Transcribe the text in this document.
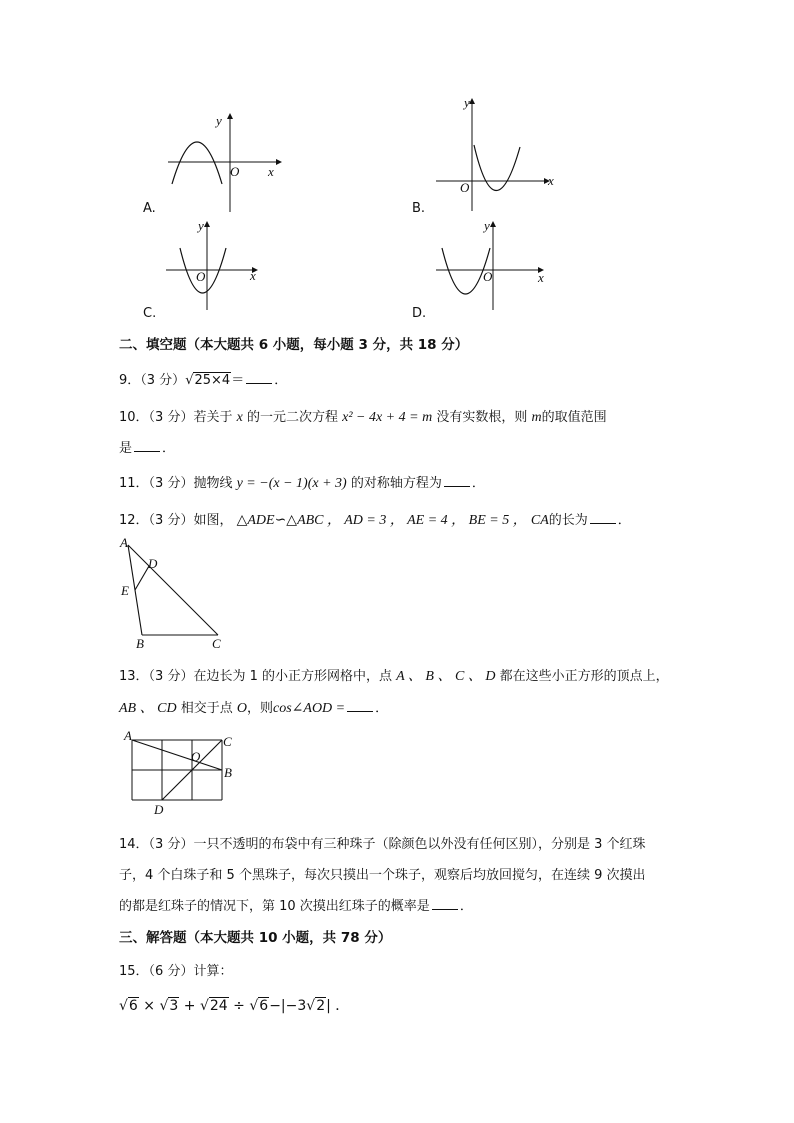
y
x
O
A.
y
x
O
B.
y
x
O
C.
y
x
O
D.
二、填空题（本大题共 6 小题，每小题 3 分，共 18 分）
9．（3 分）√25×4＝ ．
10．（3 分）若关于 x 的一元二次方程 x² − 4x + 4 = m 没有实数根，则 m的取值范围
是 ．
11．（3 分）抛物线 y = −(x − 1)(x + 3) 的对称轴方程为 ．
12．（3 分）如图， △ADE∽△ABC ， AD = 3 ， AE = 4 ， BE = 5 ， CA的长为 ．
A
D
E
B	C
13．（3 分）在边长为 1 的小正方形网格中，点 A 、 B 、 C 、 D 都在这些小正方形的顶点上，
AB 、 CD 相交于点 O，则cos∠AOD = ．
A	C
O
B
D
14．（3 分）一只不透明的布袋中有三种珠子（除颜色以外没有任何区别），分别是 3 个红珠
子，4 个白珠子和 5 个黑珠子，每次只摸出一个珠子，观察后均放回搅匀，在连续 9 次摸出
的都是红珠子的情况下，第 10 次摸出红珠子的概率是 ．
三、解答题（本大题共 10 小题，共 78 分）
15．（6 分）计算：
√6 × √3 + √24 ÷ √6−|−3√2| ．
